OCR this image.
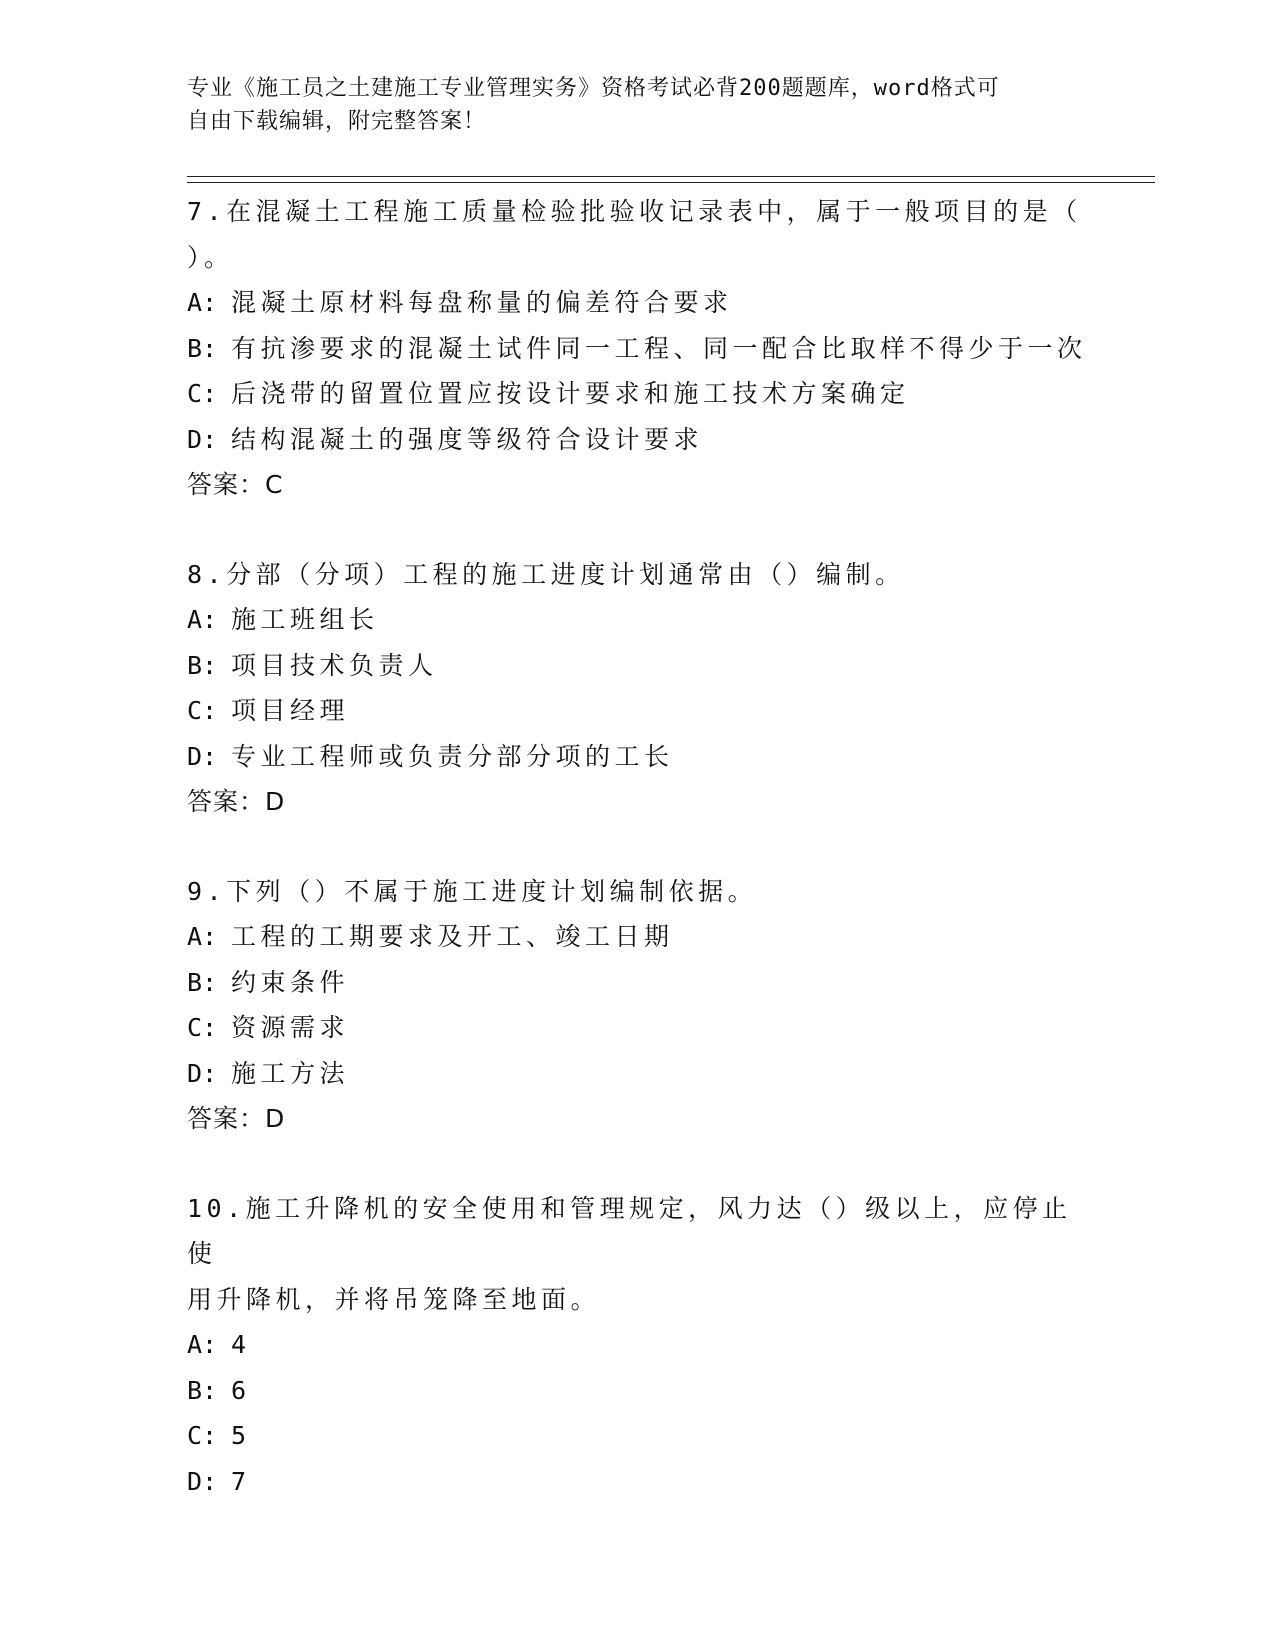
专业《施工员之土建施工专业管理实务》资格考试必背200题题库，word格式可
自由下载编辑，附完整答案！
7.在混凝土工程施工质量检验批验收记录表中，属于一般项目的是（
）。
A: 混凝土原材料每盘称量的偏差符合要求
B: 有抗渗要求的混凝土试件同一工程、同一配合比取样不得少于一次
C: 后浇带的留置位置应按设计要求和施工技术方案确定
D: 结构混凝土的强度等级符合设计要求
答案：C
8.分部（分项）工程的施工进度计划通常由（）编制。
A: 施工班组长
B: 项目技术负责人
C: 项目经理
D: 专业工程师或负责分部分项的工长
答案：D
9.下列（）不属于施工进度计划编制依据。
A: 工程的工期要求及开工、竣工日期
B: 约束条件
C: 资源需求
D: 施工方法
答案：D
10.施工升降机的安全使用和管理规定，风力达（）级以上，应停止使
用升降机，并将吊笼降至地面。
A: 4
B: 6
C: 5
D: 7
